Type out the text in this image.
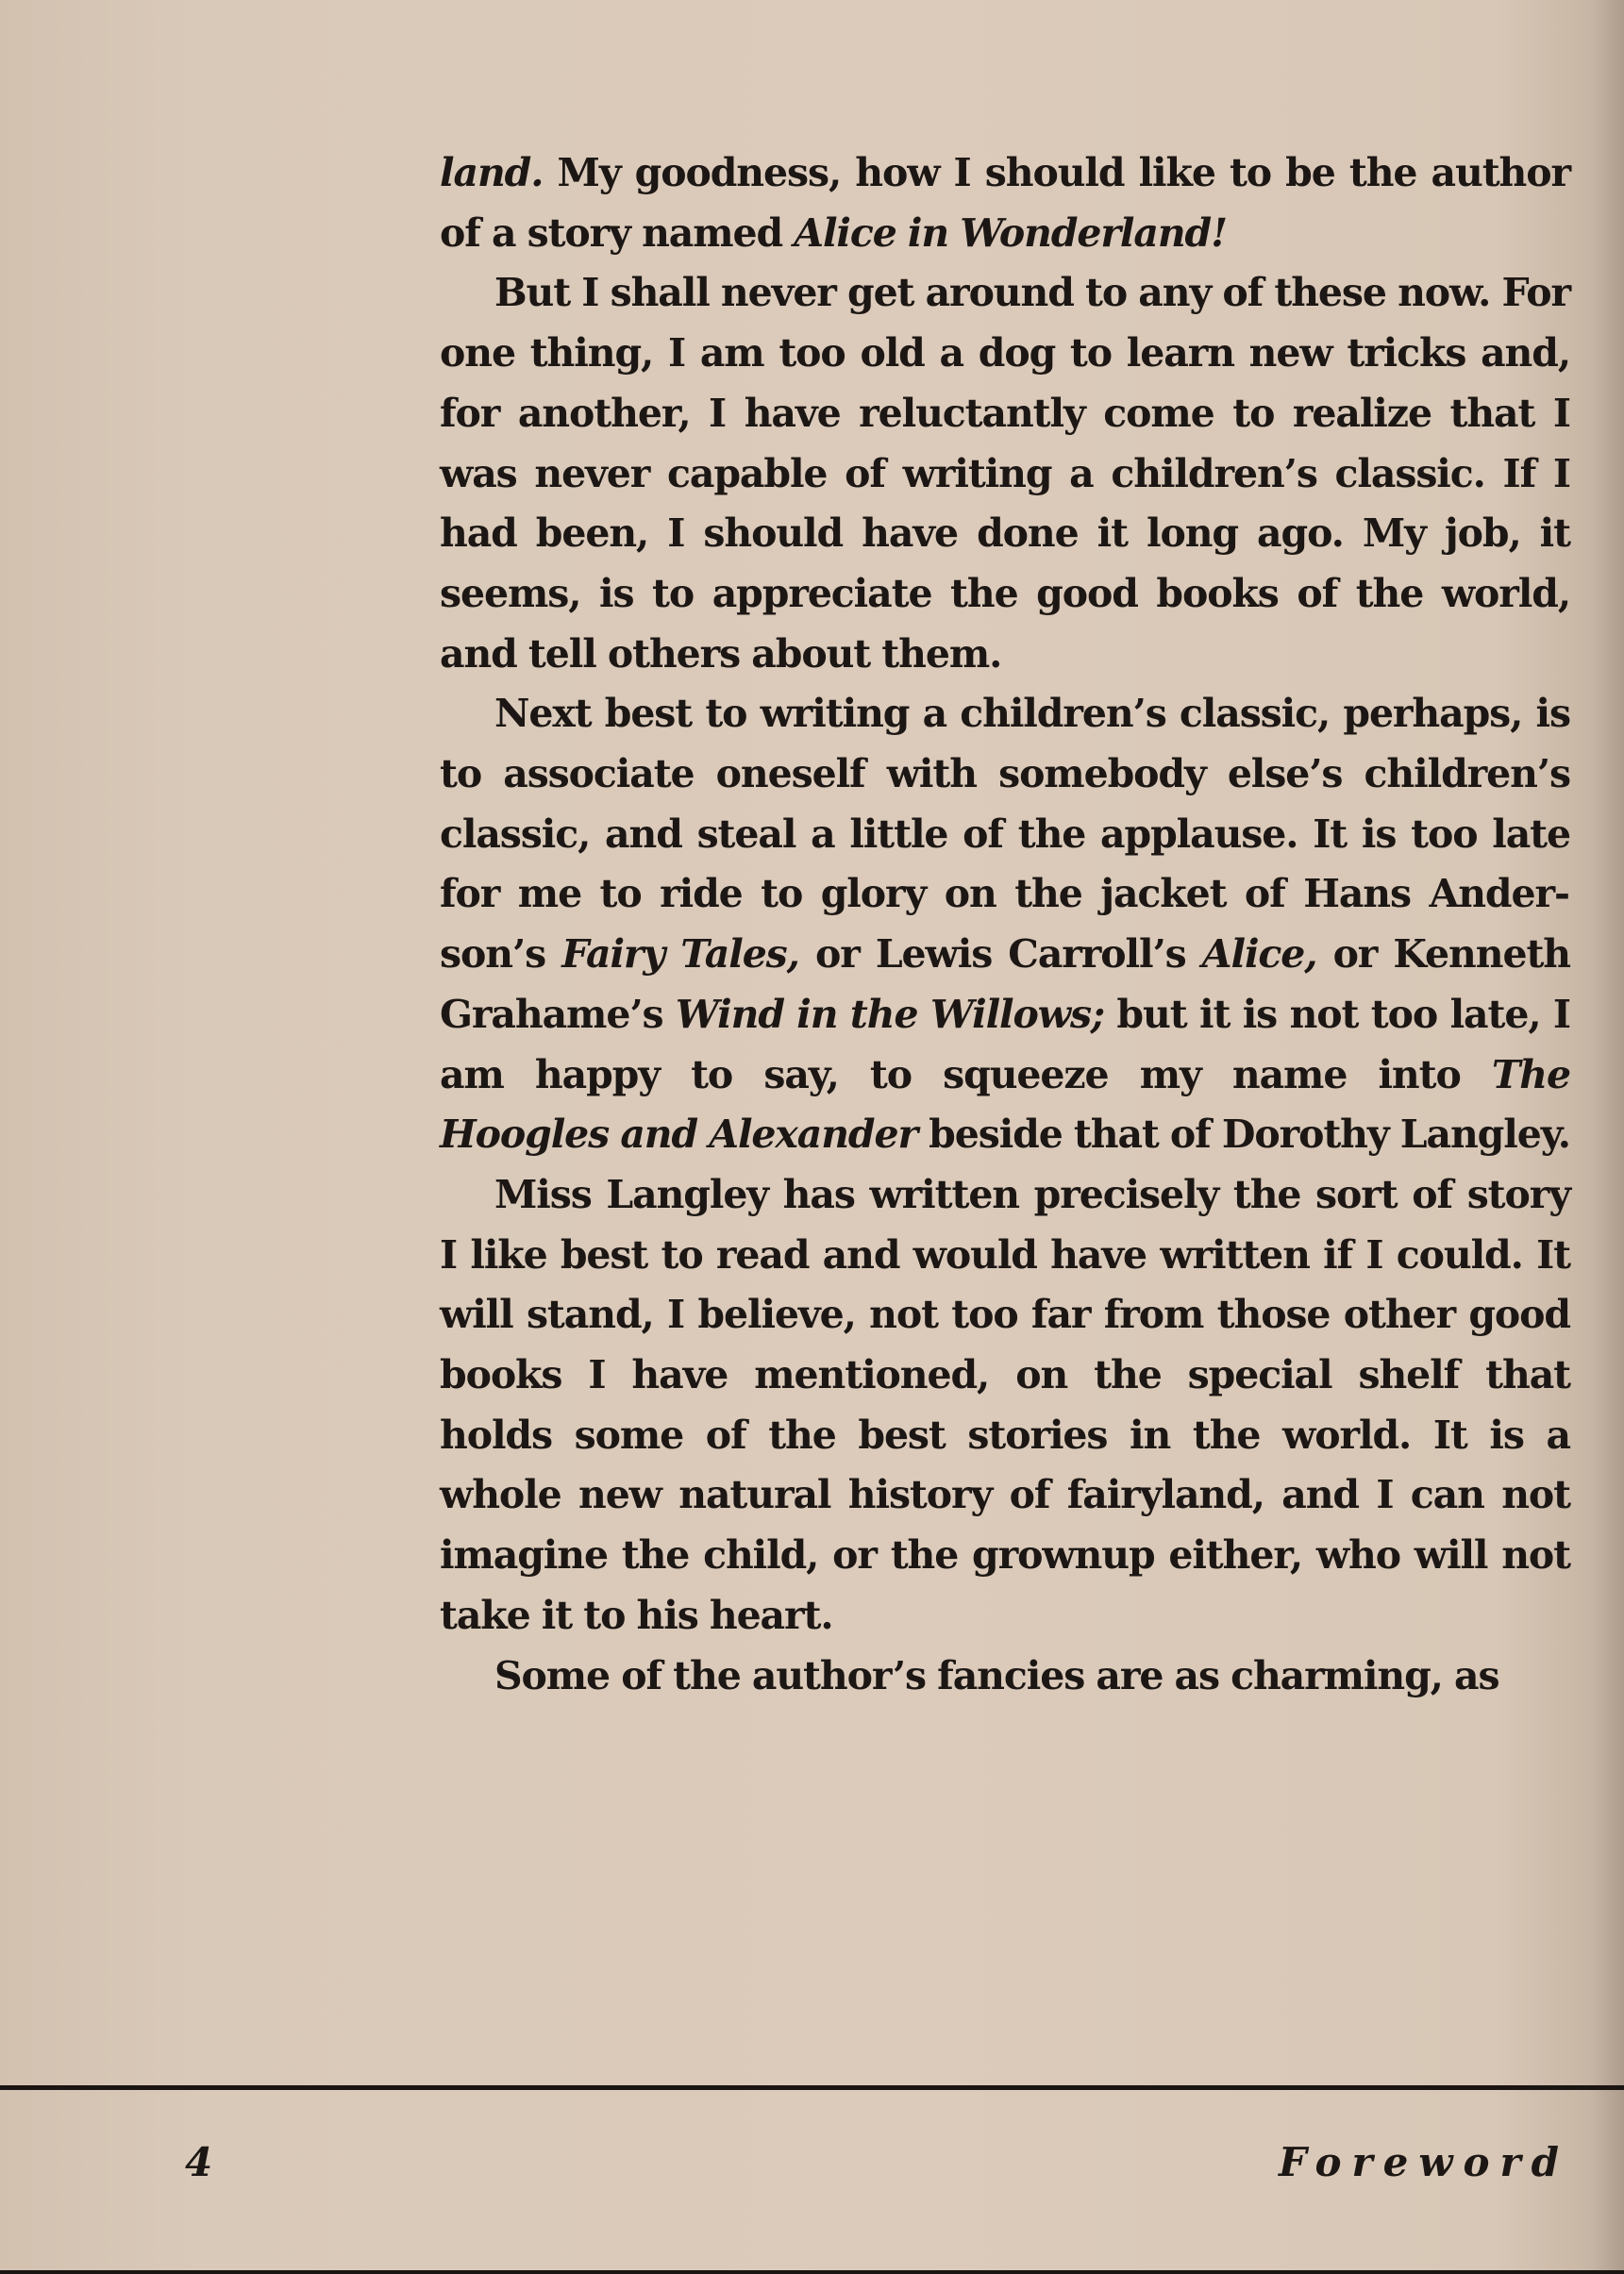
land. My goodness, how I should like to be the author of a story named Alice in Wonderland!

But I shall never get around to any of these now. For one thing, I am too old a dog to learn new tricks and, for another, I have reluctantly come to realize that I was never capable of writing a children’s classic. If I had been, I should have done it long ago. My job, it seems, is to appreciate the good books of the world, and tell others about them.

Next best to writing a children’s classic, perhaps, is to associate oneself with somebody else’s children’s classic, and steal a little of the applause. It is too late for me to ride to glory on the jacket of Hans Anderson’s Fairy Tales, or Lewis Carroll’s Alice, or Kenneth Grahame’s Wind in the Willows; but it is not too late, I am happy to say, to squeeze my name into The Hoogles and Alexander beside that of Dorothy Langley.

Miss Langley has written precisely the sort of story I like best to read and would have written if I could. It will stand, I believe, not too far from those other good books I have mentioned, on the special shelf that holds some of the best stories in the world. It is a whole new natural history of fairyland, and I can not imagine the child, or the grownup either, who will not take it to his heart.

Some of the author’s fancies are as charming, as

4	Foreword
